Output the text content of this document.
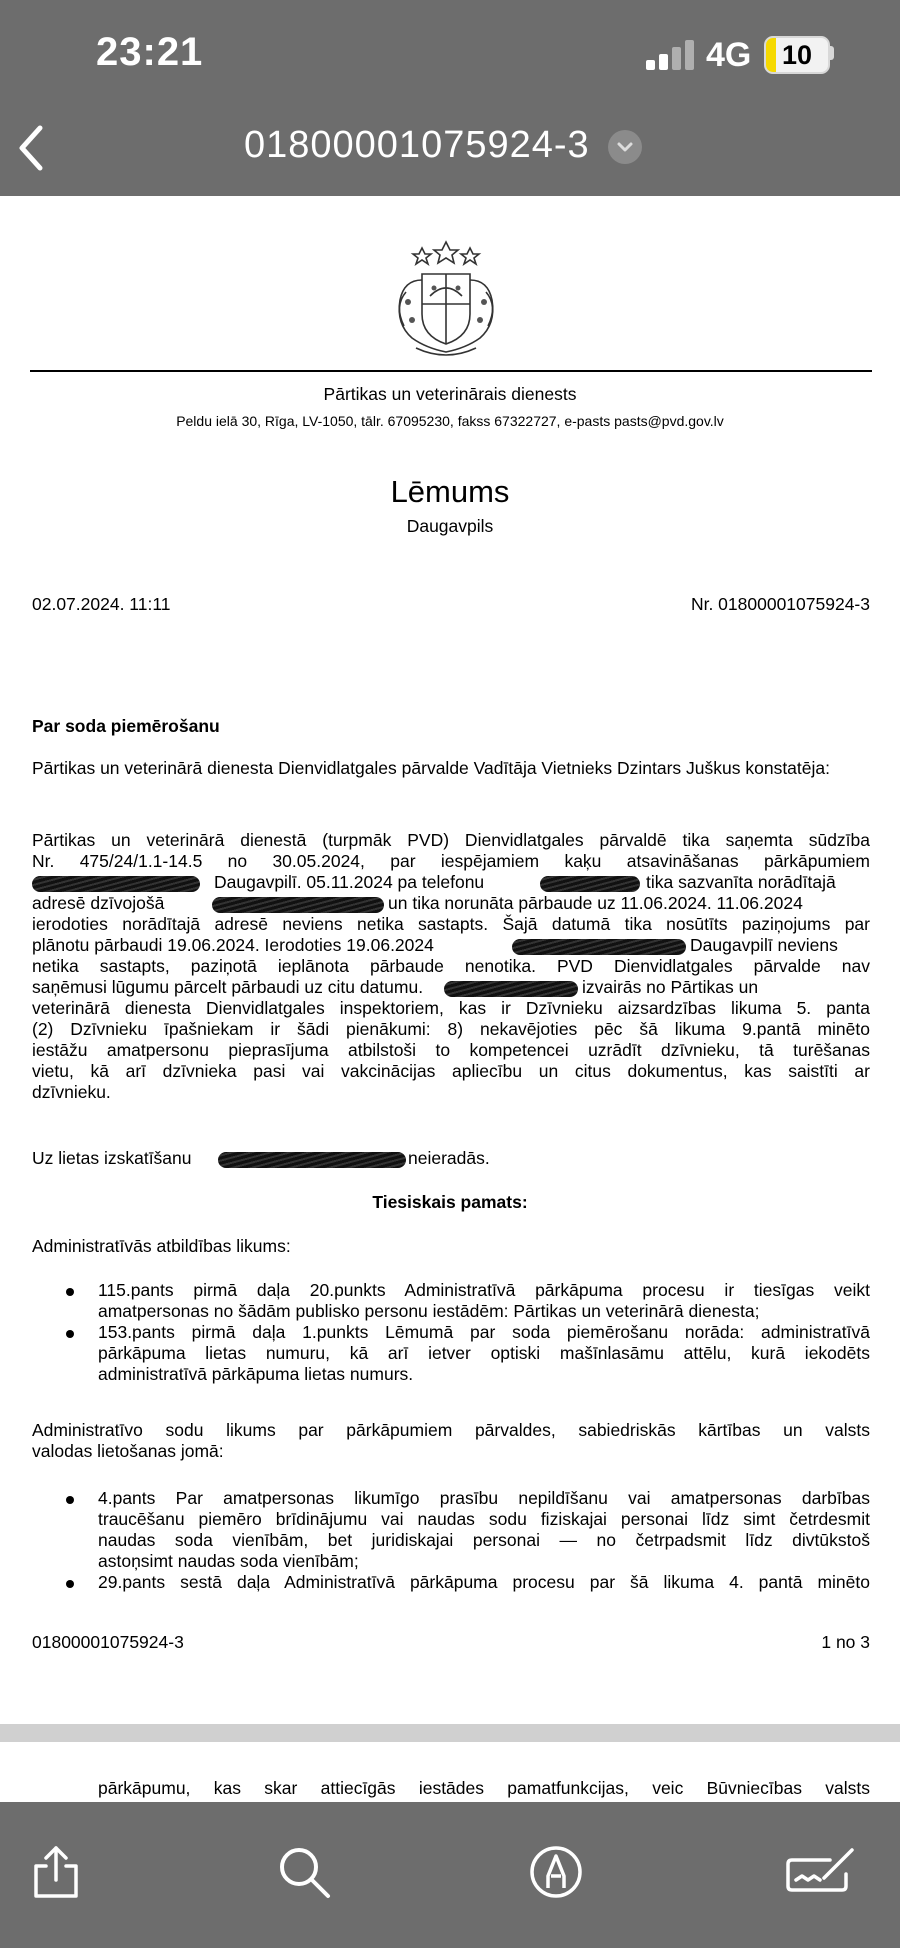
23:21	4G	10
01800001075924-3
Pārtikas un veterinārais dienests
Peldu ielā 30, Rīga, LV-1050, tālr. 67095230, fakss 67322727, e-pasts pasts@pvd.gov.lv
Lēmums
Daugavpils
02.07.2024. 11:11	Nr. 01800001075924-3
Par soda piemērošanu
Pārtikas un veterinārā dienesta Dienvidlatgales pārvalde Vadītāja Vietnieks Dzintars Juškus konstatēja:
Pārtikas un veterinārā dienestā (turpmāk PVD) Dienvidlatgales pārvaldē tika saņemta sūdzība
Nr. 475/24/1.1-14.5 no 30.05.2024, par iespējamiem kaķu atsavināšanas pārkāpumiem
Daugavpilī. 05.11.2024 pa telefonu	tika sazvanīta norādītajā
adresē dzīvojošā	un tika norunāta pārbaude uz 11.06.2024. 11.06.2024
ierodoties norādītajā adresē neviens netika sastapts. Šajā datumā tika nosūtīts paziņojums par
plānotu pārbaudi 19.06.2024. Ierodoties 19.06.2024	Daugavpilī neviens
netika sastapts, paziņotā ieplānota pārbaude nenotika. PVD Dienvidlatgales pārvalde nav
saņēmusi lūgumu pārcelt pārbaudi uz citu datumu.	izvairās no Pārtikas un
veterinārā dienesta Dienvidlatgales inspektoriem, kas ir Dzīvnieku aizsardzības likuma 5. panta
(2) Dzīvnieku īpašniekam ir šādi pienākumi: 8) nekavējoties pēc šā likuma 9.pantā minēto
iestāžu amatpersonu pieprasījuma atbilstoši to kompetencei uzrādīt dzīvnieku, tā turēšanas
vietu, kā arī dzīvnieka pasi vai vakcinācijas apliecību un citus dokumentus, kas saistīti ar
dzīvnieku.
Uz lietas izskatīšanu	neieradās.
Tiesiskais pamats:
Administratīvās atbildības likums:
115.pants pirmā daļa 20.punkts Administratīvā pārkāpuma procesu ir tiesīgas veikt
amatpersonas no šādām publisko personu iestādēm: Pārtikas un veterinārā dienesta;
153.pants pirmā daļa 1.punkts Lēmumā par soda piemērošanu norāda: administratīvā
pārkāpuma lietas numuru, kā arī ietver optiski mašīnlasāmu attēlu, kurā iekodēts
administratīvā pārkāpuma lietas numurs.
Administratīvo sodu likums par pārkāpumiem pārvaldes, sabiedriskās kārtības un valsts
valodas lietošanas jomā:
4.pants Par amatpersonas likumīgo prasību nepildīšanu vai amatpersonas darbības
traucēšanu piemēro brīdinājumu vai naudas sodu fiziskajai personai līdz simt četrdesmit
naudas soda vienībām, bet juridiskajai personai — no četrpadsmit līdz divtūkstoš
astoņsimt naudas soda vienībām;
29.pants sestā daļa Administratīvā pārkāpuma procesu par šā likuma 4. pantā minēto
01800001075924-3	1 no 3
pārkāpumu, kas skar attiecīgās iestādes pamatfunkcijas, veic Būvniecības valsts
